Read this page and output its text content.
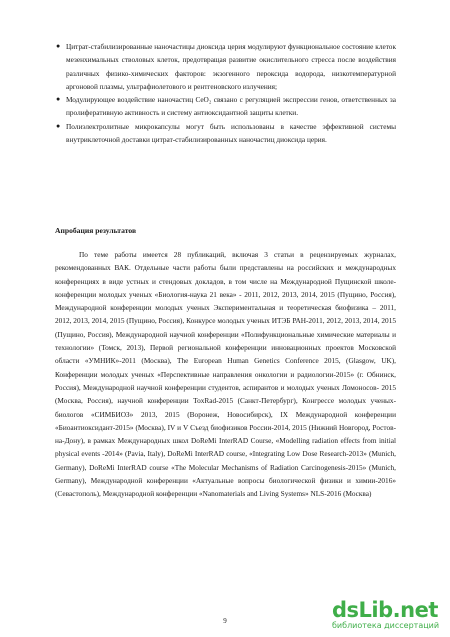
● Цитрат-стабилизированные наночастицы диоксида церия модулируют функциональное состояние клеток мезенхимальных стволовых клеток, предотвращая развитие окислительного стресса после воздействия различных физико-химических факторов: экзогенного пероксида водорода, низкотемпературной аргоновой плазмы, ультрафиолетового и рентгеновского излучения;
● Модулирующее воздействие наночастиц CeO₂ связано с регуляцией экспрессии генов, ответственных за пролиферативную активность и систему антиоксидантной защиты клетки.
● Полиэлектролитные микрокапсулы могут быть использованы в качестве эффективной системы внутриклеточной доставки цитрат-стабилизированных наночастиц диоксида церия.
Апробация результатов

По теме работы имеется 28 публикаций, включая 3 статьи в рецензируемых журналах, рекомендованных ВАК. Отдельные части работы были представлены на российских и международных конференциях в виде устных и стендовых докладов, в том числе на Международной Пущинской школе-конференции молодых ученых «Биология-наука 21 века» - 2011, 2012, 2013, 2014, 2015 (Пущино, Россия), Международной конференции молодых ученых Экспериментальная и теоретическая биофизика – 2011, 2012, 2013, 2014, 2015 (Пущино, Россия), Конкурсе молодых ученых ИТЭБ РАН-2011, 2012, 2013, 2014, 2015 (Пущино, Россия), Международной научной конференции «Полифункциональные химические материалы и технологии» (Томск, 2013), Первой региональной конференции инновационных проектов Московской области «УМНИК»-2011 (Москва), The European Human Genetics Conference 2015, (Glasgow, UK), Конференции молодых ученых «Перспективные направления онкологии и радиологии-2015» (г. Обнинск, Россия), Международной научной конференции студентов, аспирантов и молодых ученых Ломоносов- 2015 (Москва, Россия), научной конференции ToxRad-2015 (Санкт-Петербург), Конгрессе молодых ученых-биологов «СИМБИОЗ» 2013, 2015 (Воронеж, Новосибирск), IX Международной конференции «Биоантиоксидант-2015» (Москва), IV и V Съезд биофизиков России-2014, 2015 (Нижний Новгород, Ростов-на-Дону), в рамках Международных школ DoReMi InterRAD Course, «Modelling radiation effects from initial physical events -2014» (Pavia, Italy), DoReMi InterRAD course, «Integrating Low Dose Research-2013» (Munich, Germany), DoReMi InterRAD course «The Molecular Mechanisms of Radiation Carcinogenesis-2015» (Munich, Germany), Международной конференции «Актуальные вопросы биологической физики и химии-2016» (Севастополь), Международной конференции «Nanomaterials and Living Systems» NLS-2016 (Москва)

9	dsLib.net
библиотека диссертаций
